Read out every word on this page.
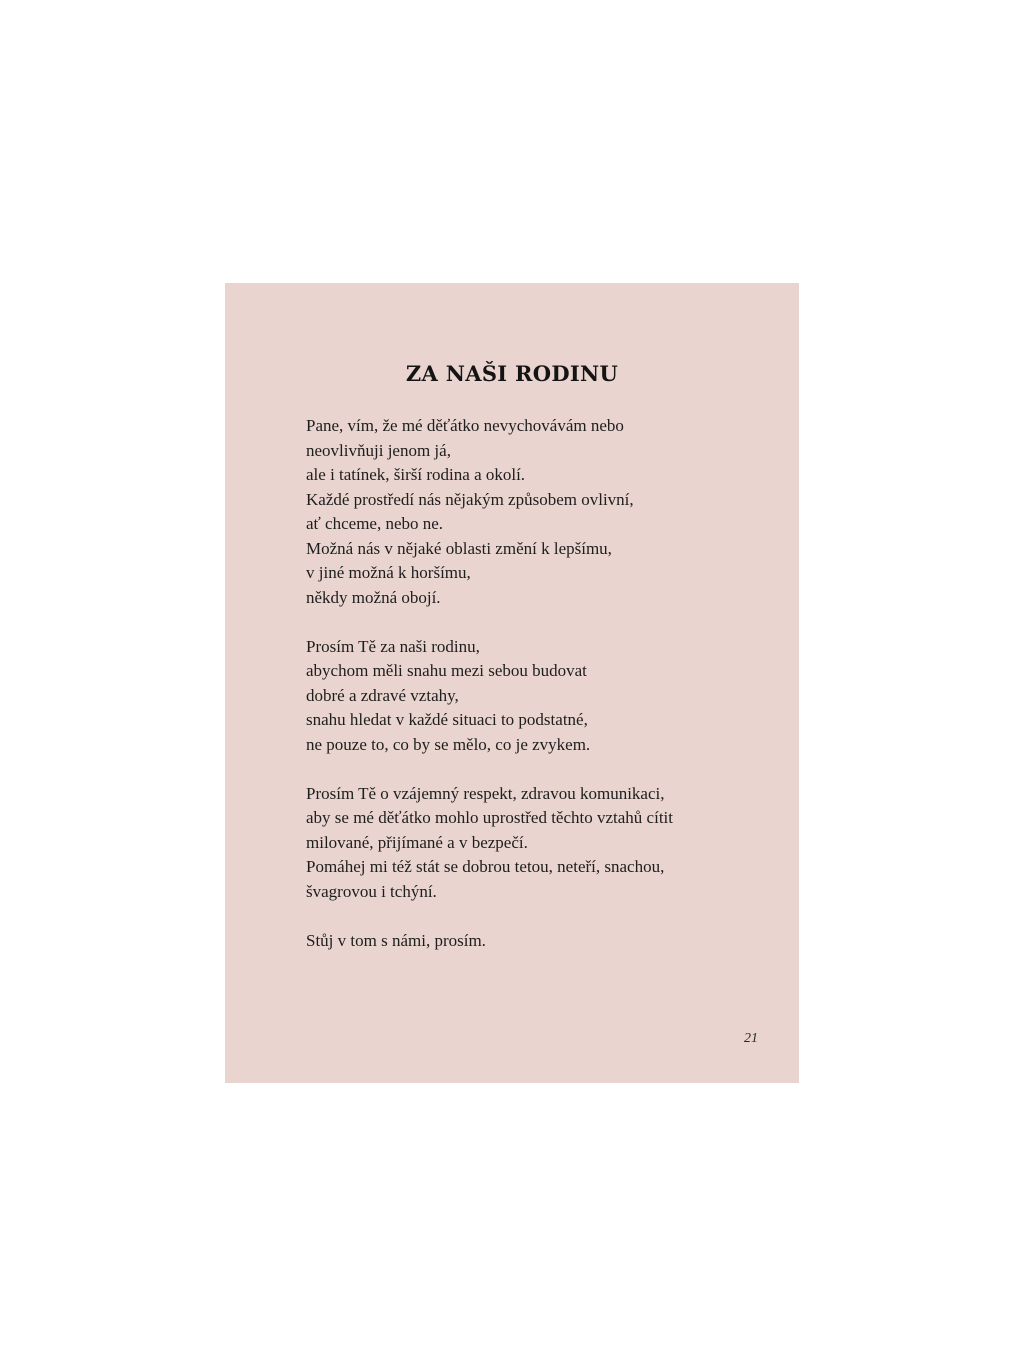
ZA NAŠI RODINU

Pane, vím, že mé děťátko nevychovávám nebo
neovlivňuji jenom já,
ale i tatínek, širší rodina a okolí.
Každé prostředí nás nějakým způsobem ovlivní,
ať chceme, nebo ne.
Možná nás v nějaké oblasti změní k lepšímu,
v jiné možná k horšímu,
někdy možná obojí.

Prosím Tě za naši rodinu,
abychom měli snahu mezi sebou budovat
dobré a zdravé vztahy,
snahu hledat v každé situaci to podstatné,
ne pouze to, co by se mělo, co je zvykem.

Prosím Tě o vzájemný respekt, zdravou komunikaci,
aby se mé děťátko mohlo uprostřed těchto vztahů cítit
milované, přijímané a v bezpečí.
Pomáhej mi též stát se dobrou tetou, neteří, snachou,
švagrovou i tchýní.

Stůj v tom s námi, prosím.

21
